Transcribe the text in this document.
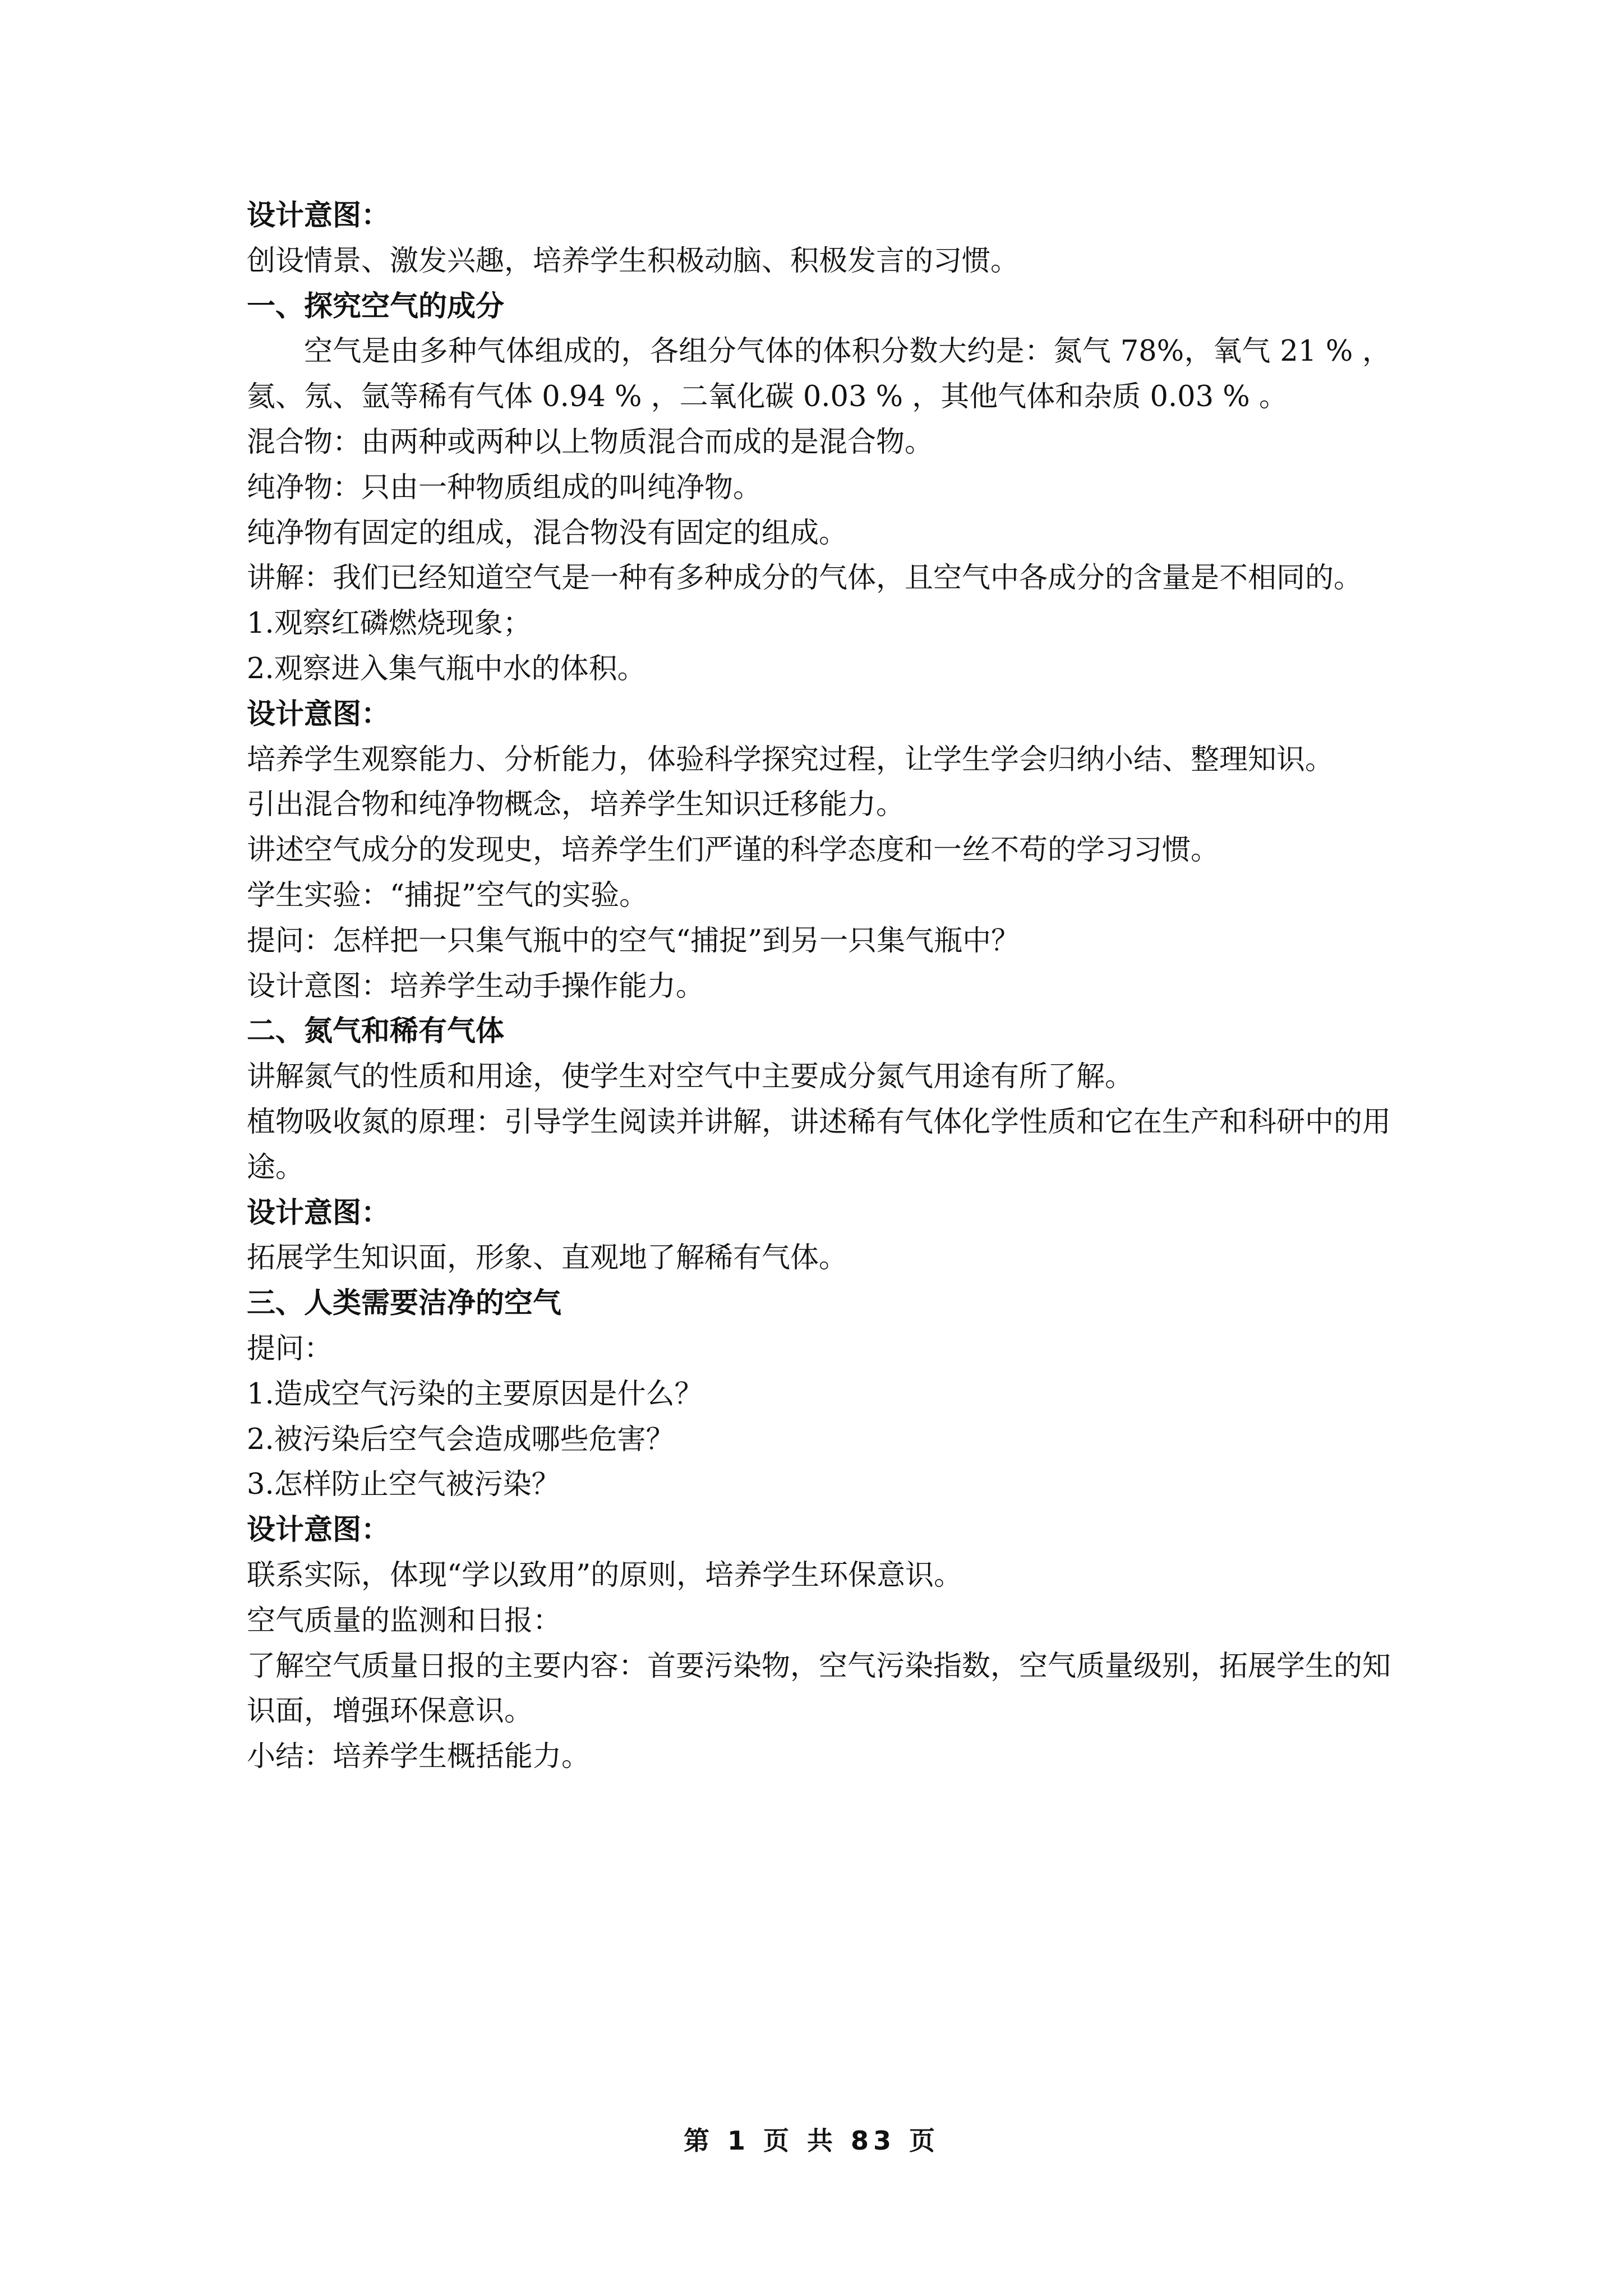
设计意图：
创设情景、激发兴趣，培养学生积极动脑、积极发言的习惯。
一、探究空气的成分
空气是由多种气体组成的，各组分气体的体积分数大约是：氮气 78%，氧气 21 % ，氦、氖、氩等稀有气体 0.94 % ，二氧化碳 0.03 % ，其他气体和杂质 0.03 % 。
混合物：由两种或两种以上物质混合而成的是混合物。
纯净物：只由一种物质组成的叫纯净物。
纯净物有固定的组成，混合物没有固定的组成。
讲解：我们已经知道空气是一种有多种成分的气体，且空气中各成分的含量是不相同的。
1.观察红磷燃烧现象；
2.观察进入集气瓶中水的体积。
设计意图：
培养学生观察能力、分析能力，体验科学探究过程，让学生学会归纳小结、整理知识。
引出混合物和纯净物概念，培养学生知识迁移能力。
讲述空气成分的发现史，培养学生们严谨的科学态度和一丝不苟的学习习惯。
学生实验：“捕捉”空气的实验。
提问：怎样把一只集气瓶中的空气“捕捉”到另一只集气瓶中？
设计意图：培养学生动手操作能力。
二、氮气和稀有气体
讲解氮气的性质和用途，使学生对空气中主要成分氮气用途有所了解。
植物吸收氮的原理：引导学生阅读并讲解，讲述稀有气体化学性质和它在生产和科研中的用途。
设计意图：
拓展学生知识面，形象、直观地了解稀有气体。
三、人类需要洁净的空气
提问：
1.造成空气污染的主要原因是什么？
2.被污染后空气会造成哪些危害？
3.怎样防止空气被污染？
设计意图：
联系实际，体现“学以致用”的原则，培养学生环保意识。
空气质量的监测和日报：
了解空气质量日报的主要内容：首要污染物，空气污染指数，空气质量级别，拓展学生的知识面，增强环保意识。
小结：培养学生概括能力。
第 1 页 共 83 页
